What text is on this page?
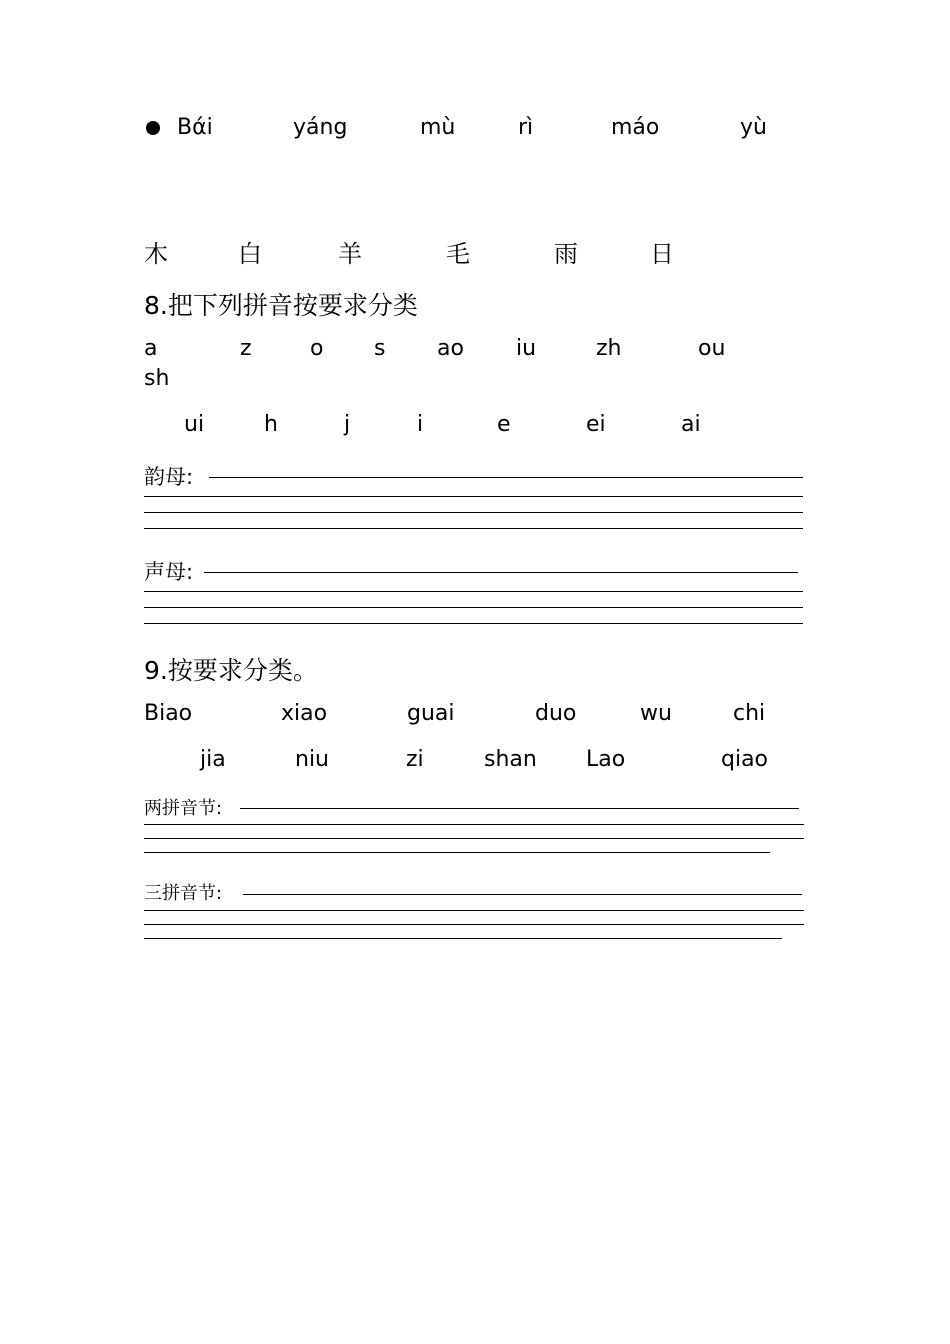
Bάi	yáng	mù	rì	máo	yù
木	白	羊	毛	雨	日
8.把下列拼音按要求分类
a	z	o s ao iu	zh	ou
sh
ui	h	j	i	e	ei	ai
韵母:
声母:
9.按要求分类。
Biao	xiao	guai	duo	wu	chi
jia	niu	zi	shan Lao	qiao
两拼音节:
三拼音节:
